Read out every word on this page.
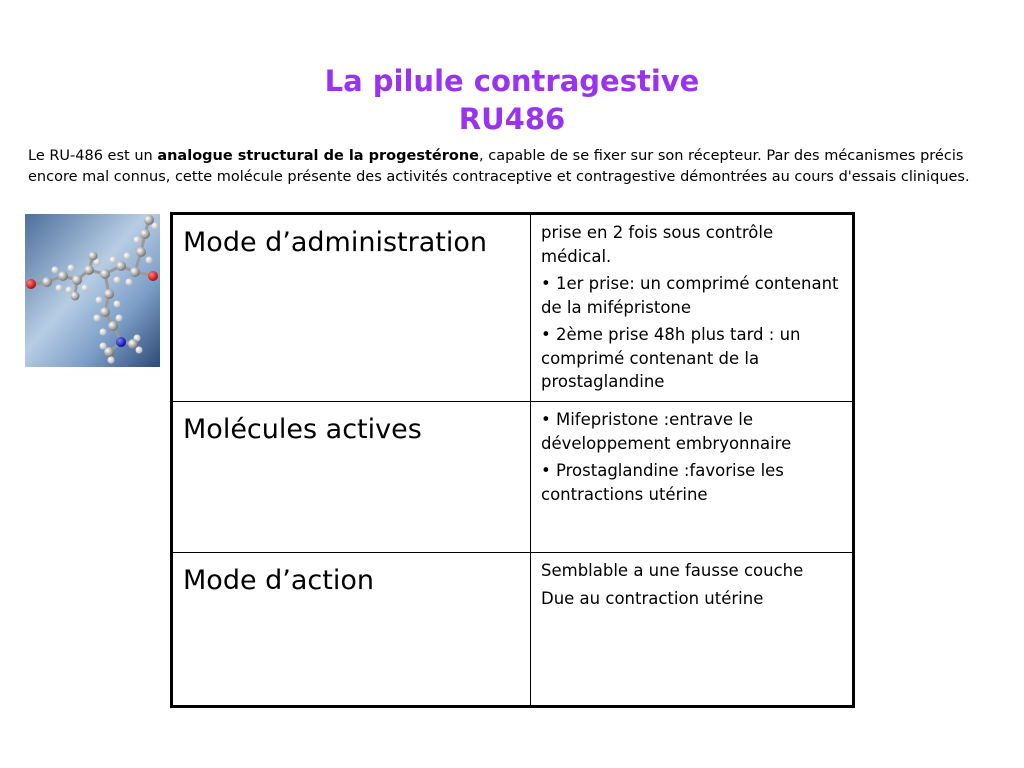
La pilule contragestive
RU486
Le RU-486 est un analogue structural de la progestérone, capable de se fixer sur son récepteur. Par des mécanismes précis encore mal connus, cette molécule présente des activités contraceptive et contragestive démontrées au cours d'essais cliniques.
Mode d’administration	prise en 2 fois sous contrôle médical.

• 1er prise: un comprimé contenant de la mifépristone

• 2ème prise 48h plus tard : un comprimé contenant de la prostaglandine

Molécules actives	• Mifepristone :entrave le développement embryonnaire

• Prostaglandine :favorise les contractions utérine

Mode d’action	Semblable a une fausse couche

Due au contraction utérine
